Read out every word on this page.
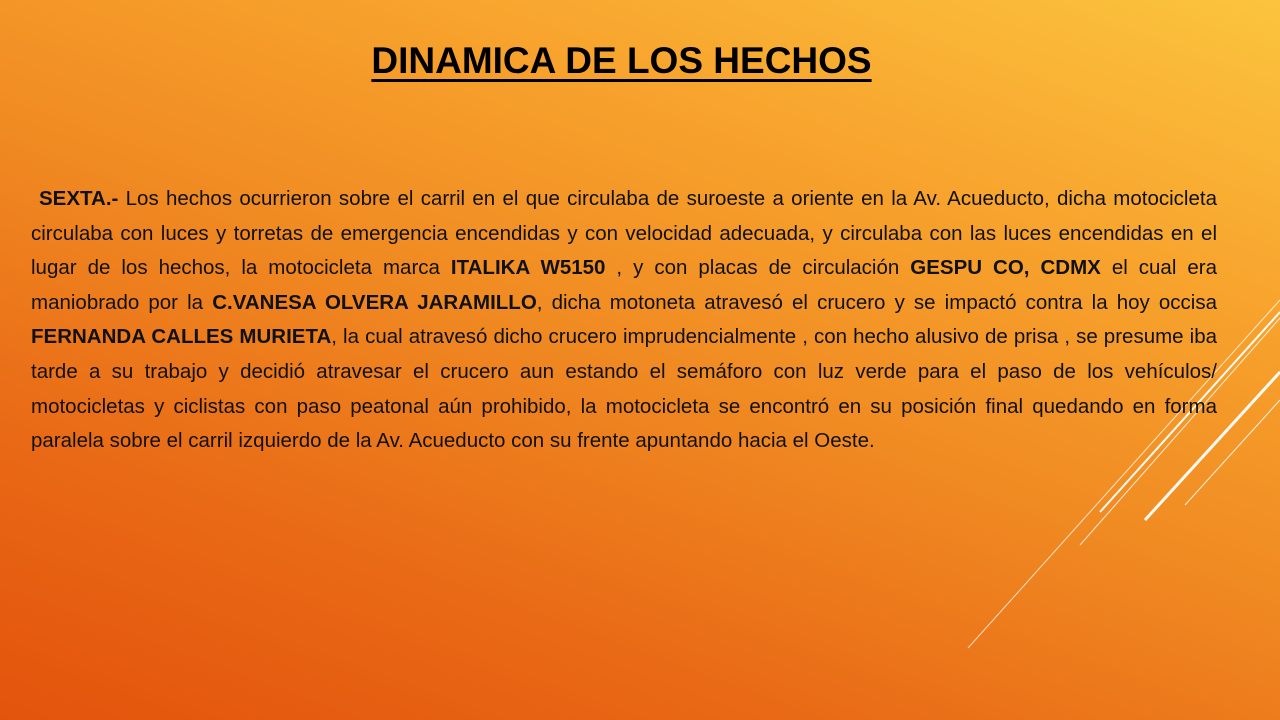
DINAMICA DE LOS HECHOS

SEXTA.- Los hechos ocurrieron sobre el carril en el que circulaba de suroeste a oriente en la Av. Acueducto, dicha motocicleta circulaba con luces y torretas de emergencia encendidas y con velocidad adecuada, y circulaba con las luces encendidas en el lugar de los hechos, la motocicleta marca ITALIKA W5150 , y con placas de circulación GESPU CO, CDMX el cual era maniobrado por la C.VANESA OLVERA JARAMILLO, dicha motoneta atravesó el crucero y se impactó contra la hoy occisa FERNANDA CALLES MURIETA, la cual atravesó dicho crucero imprudencialmente , con hecho alusivo de prisa , se presume iba tarde a su trabajo y decidió atravesar el crucero aun estando el semáforo con luz verde para el paso de los vehículos/ motocicletas y ciclistas con paso peatonal aún prohibido, la motocicleta se encontró en su posición final quedando en forma paralela sobre el carril izquierdo de la Av. Acueducto con su frente apuntando hacia el Oeste.
